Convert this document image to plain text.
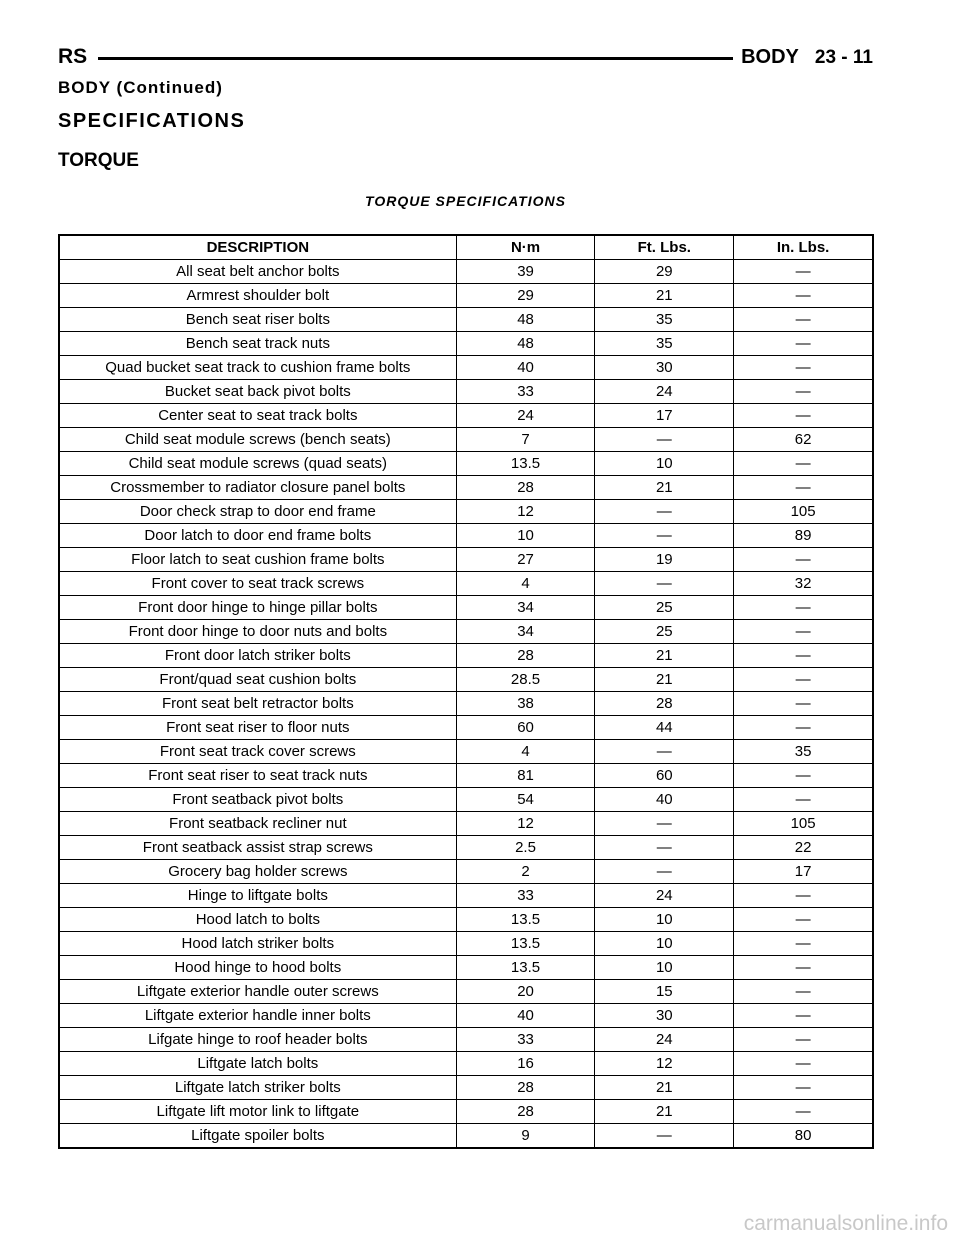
RS	BODY 23 - 11
BODY (Continued)
SPECIFICATIONS
TORQUE
TORQUE SPECIFICATIONS
DESCRIPTION	N·m	Ft. Lbs.	In. Lbs.
All seat belt anchor bolts	39	29	—
Armrest shoulder bolt	29	21	—
Bench seat riser bolts	48	35	—
Bench seat track nuts	48	35	—
Quad bucket seat track to cushion frame bolts	40	30	—
Bucket seat back pivot bolts	33	24	—
Center seat to seat track bolts	24	17	—
Child seat module screws (bench seats)	7	—	62
Child seat module screws (quad seats)	13.5	10	—
Crossmember to radiator closure panel bolts	28	21	—
Door check strap to door end frame	12	—	105
Door latch to door end frame bolts	10	—	89
Floor latch to seat cushion frame bolts	27	19	—
Front cover to seat track screws	4	—	32
Front door hinge to hinge pillar bolts	34	25	—
Front door hinge to door nuts and bolts	34	25	—
Front door latch striker bolts	28	21	—
Front/quad seat cushion bolts	28.5	21	—
Front seat belt retractor bolts	38	28	—
Front seat riser to floor nuts	60	44	—
Front seat track cover screws	4	—	35
Front seat riser to seat track nuts	81	60	—
Front seatback pivot bolts	54	40	—
Front seatback recliner nut	12	—	105
Front seatback assist strap screws	2.5	—	22
Grocery bag holder screws	2	—	17
Hinge to liftgate bolts	33	24	—
Hood latch to bolts	13.5	10	—
Hood latch striker bolts	13.5	10	—
Hood hinge to hood bolts	13.5	10	—
Liftgate exterior handle outer screws	20	15	—
Liftgate exterior handle inner bolts	40	30	—
Lifgate hinge to roof header bolts	33	24	—
Liftgate latch bolts	16	12	—
Liftgate latch striker bolts	28	21	—
Liftgate lift motor link to liftgate	28	21	—
Liftgate spoiler bolts	9	—	80
carmanualsonline.info
